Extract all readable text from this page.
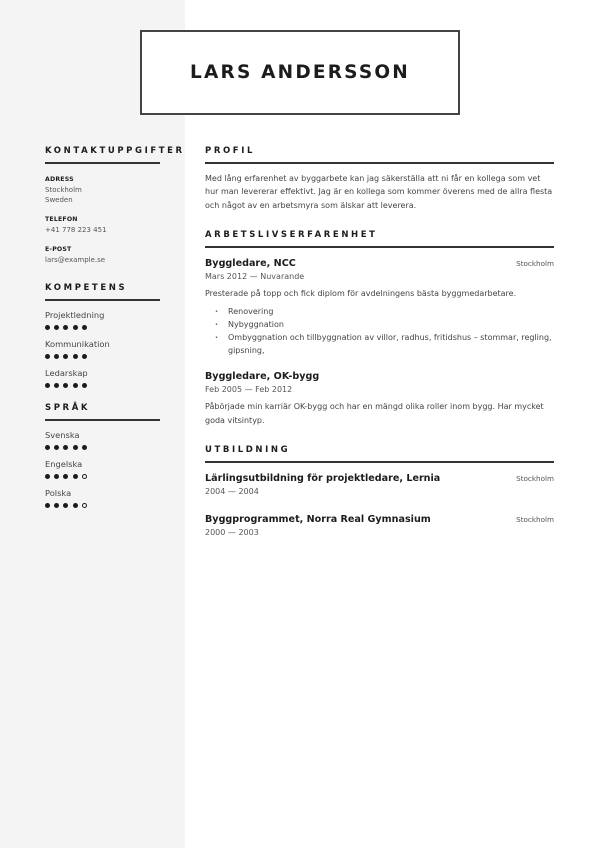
LARS ANDERSSON
KONTAKTUPPGIFTER
ADRESS
Stockholm
Sweden
TELEFON
+41 778 223 451
E-POST
lars@example.se
KOMPETENS
Projektledning
Kommunikation
Ledarskap
SPRÅK
Svenska
Engelska
Polska
PROFIL

Med lång erfarenhet av byggarbete kan jag säkerställa att ni får en kollega som vet hur man levererar effektivt. Jag är en kollega som kommer överens med de allra flesta och något av en arbetsmyra som älskar att leverera.

ARBETSLIVSERFARENHET
Byggledare, NCC	Stockholm
Mars 2012 — Nuvarande

Presterade på topp och fick diplom för avdelningens bästa byggmedarbetare.

· Renovering
· Nybyggnation
· Ombyggnation och tillbyggnation av villor, radhus, fritidshus – stommar, regling, gipsning,
Byggledare, OK-bygg
Feb 2005 — Feb 2012

Påbörjade min karriär OK-bygg och har en mängd olika roller inom bygg. Har mycket goda vitsintyp.

UTBILDNING
Lärlingsutbildning för projektledare, Lernia	Stockholm
2004 — 2004
Byggprogrammet, Norra Real Gymnasium	Stockholm
2000 — 2003
